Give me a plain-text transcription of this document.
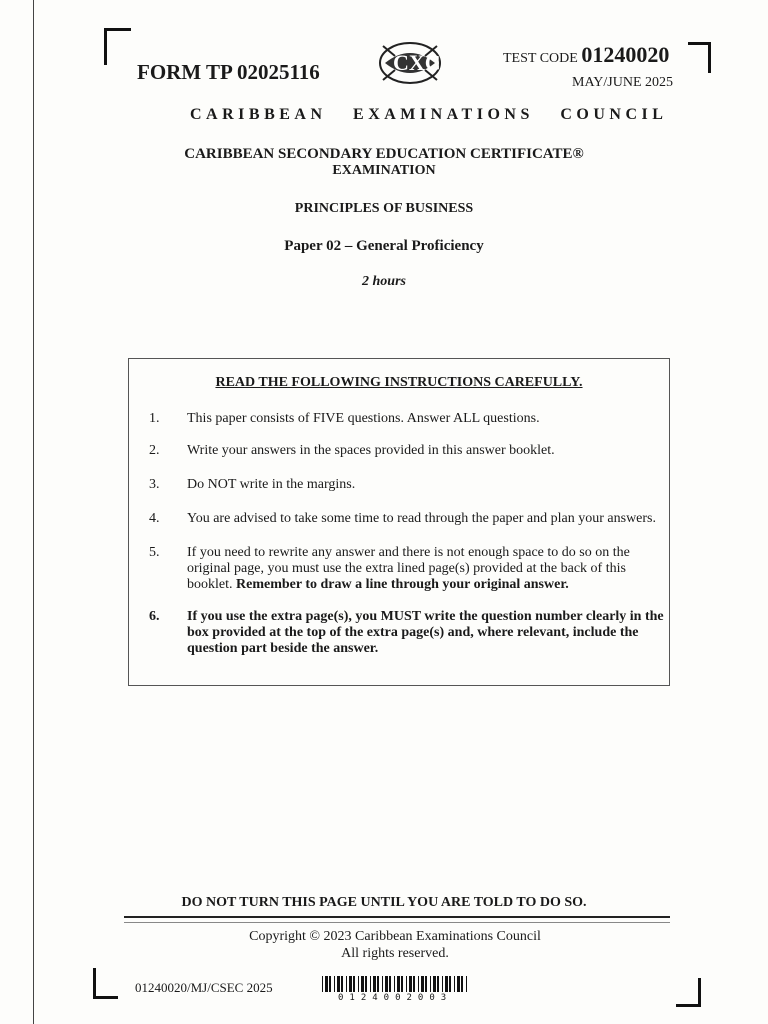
FORM TP 02025116	CXC	TEST CODE 01240020
MAY/JUNE 2025
CARIBBEAN EXAMINATIONS COUNCIL
CARIBBEAN SECONDARY EDUCATION CERTIFICATE®
EXAMINATION
PRINCIPLES OF BUSINESS
Paper 02 – General Proficiency
2 hours
READ THE FOLLOWING INSTRUCTIONS CAREFULLY.
1. This paper consists of FIVE questions. Answer ALL questions.
2. Write your answers in the spaces provided in this answer booklet.
3. Do NOT write in the margins.
4. You are advised to take some time to read through the paper and plan your answers.
5. If you need to rewrite any answer and there is not enough space to do so on the original page, you must use the extra lined page(s) provided at the back of this booklet. Remember to draw a line through your original answer.
6. If you use the extra page(s), you MUST write the question number clearly in the box provided at the top of the extra page(s) and, where relevant, include the question part beside the answer.
DO NOT TURN THIS PAGE UNTIL YOU ARE TOLD TO DO SO.
Copyright © 2023 Caribbean Examinations Council
All rights reserved.
01240020/MJ/CSEC 2025
0124002003
